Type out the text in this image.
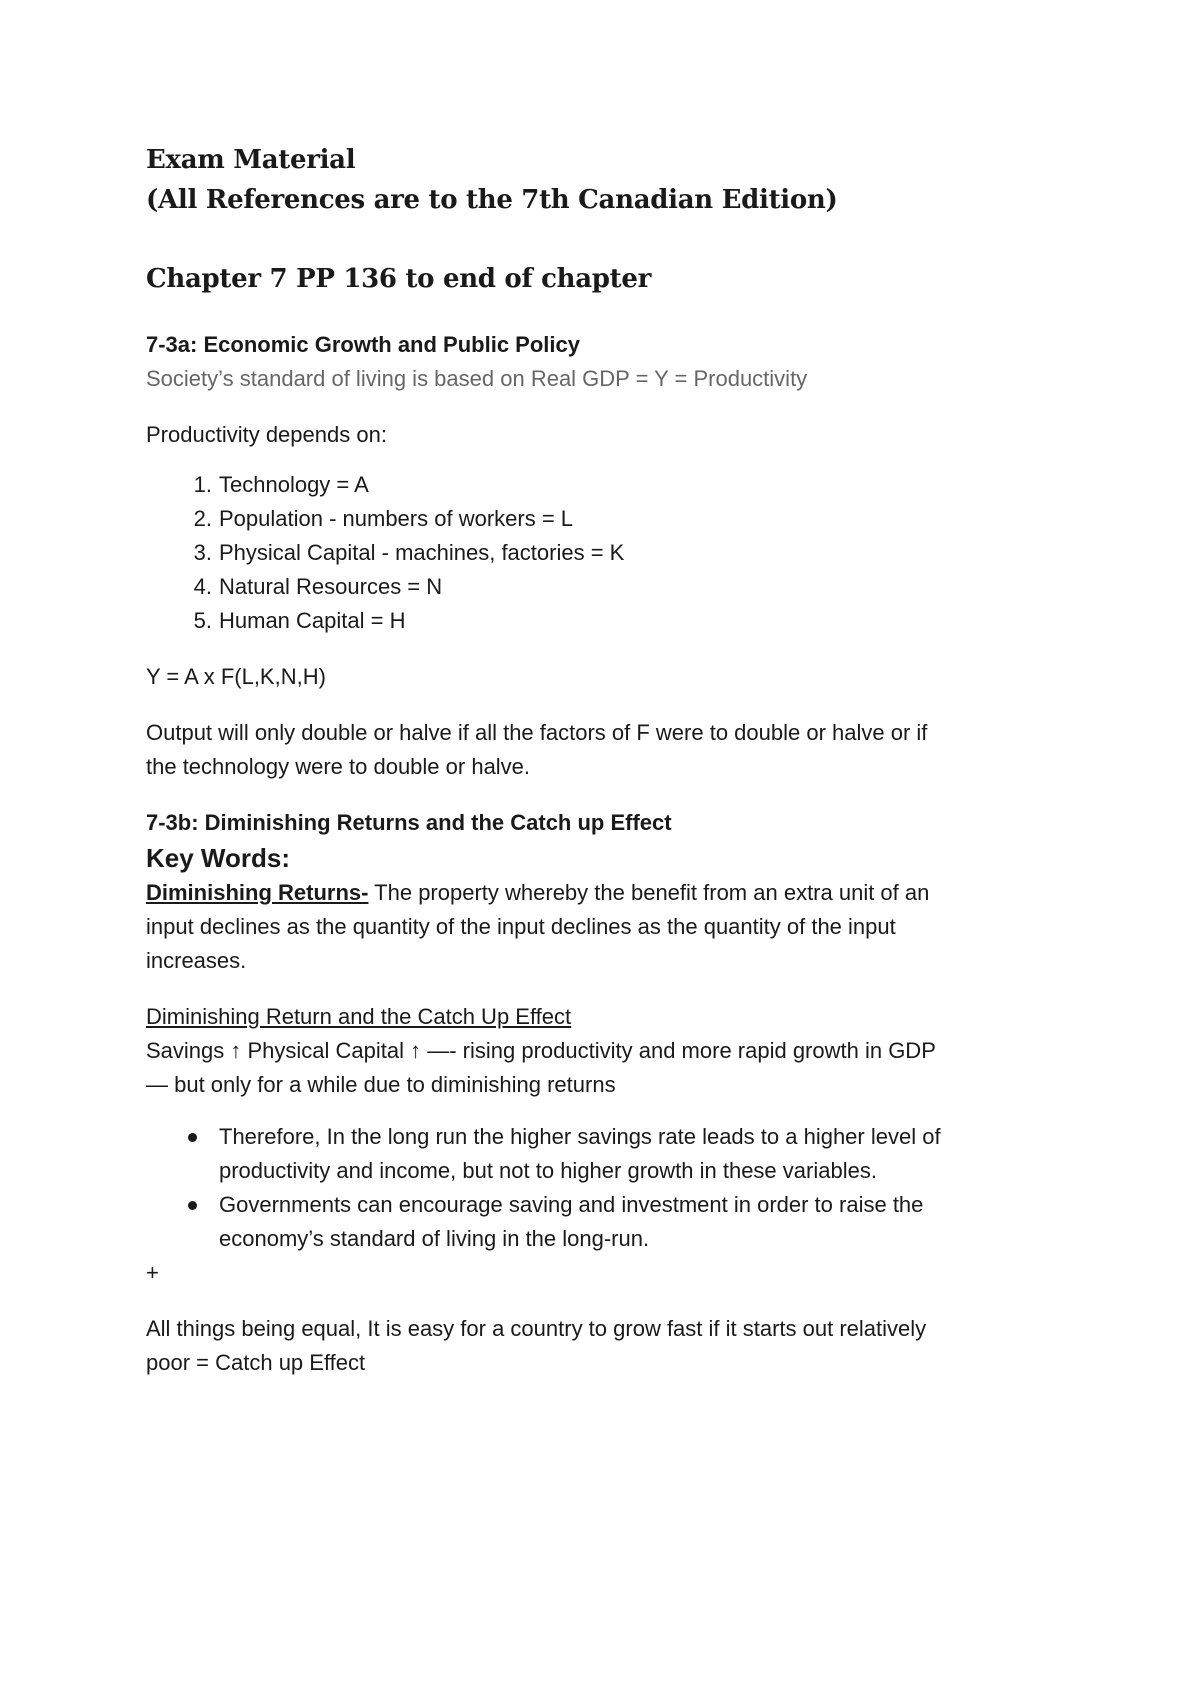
Exam Material
(All References are to the 7th Canadian Edition)

Chapter 7 PP 136 to end of chapter

7-3a: Economic Growth and Public Policy

Society’s standard of living is based on Real GDP = Y = Productivity

Productivity depends on:

1. Technology = A
2. Population - numbers of workers = L
3. Physical Capital - machines, factories = K
4. Natural Resources = N
5. Human Capital = H

Y = A x F(L,K,N,H)

Output will only double or halve if all the factors of F were to double or halve or if
the technology were to double or halve.

7-3b: Diminishing Returns and the Catch up Effect

Key Words:

Diminishing Returns- The property whereby the benefit from an extra unit of an
input declines as the quantity of the input declines as the quantity of the input
increases.

Diminishing Return and the Catch Up Effect

Savings ↑ Physical Capital ↑ —- rising productivity and more rapid growth in GDP
— but only for a while due to diminishing returns

Therefore, In the long run the higher savings rate leads to a higher level of
productivity and income, but not to higher growth in these variables.
Governments can encourage saving and investment in order to raise the
economy’s standard of living in the long-run.

+

All things being equal, It is easy for a country to grow fast if it starts out relatively
poor = Catch up Effect
